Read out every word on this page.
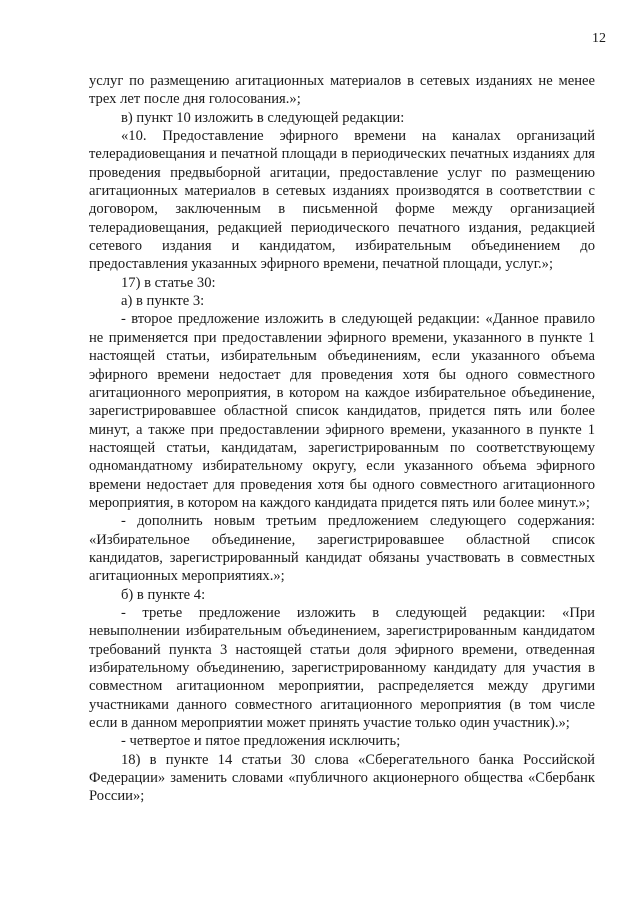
12

услуг по размещению агитационных материалов в сетевых изданиях не менее трех лет после дня голосования.»;

в) пункт 10 изложить в следующей редакции:

«10. Предоставление эфирного времени на каналах организаций телерадиовещания и печатной площади в периодических печатных изданиях для проведения предвыборной агитации, предоставление услуг по размещению агитационных материалов в сетевых изданиях производятся в соответствии с договором, заключенным в письменной форме между организацией телерадиовещания, редакцией периодического печатного издания, редакцией сетевого издания и кандидатом, избирательным объединением до предоставления указанных эфирного времени, печатной площади, услуг.»;

17) в статье 30:

а) в пункте 3:

- второе предложение изложить в следующей редакции: «Данное правило не применяется при предоставлении эфирного времени, указанного в пункте 1 настоящей статьи, избирательным объединениям, если указанного объема эфирного времени недостает для проведения хотя бы одного совместного агитационного мероприятия, в котором на каждое избирательное объединение, зарегистрировавшее областной список кандидатов, придется пять или более минут, а также при предоставлении эфирного времени, указанного в пункте 1 настоящей статьи, кандидатам, зарегистрированным по соответствующему одномандатному избирательному округу, если указанного объема эфирного времени недостает для проведения хотя бы одного совместного агитационного мероприятия, в котором на каждого кандидата придется пять или более минут.»;

- дополнить новым третьим предложением следующего содержания: «Избирательное объединение, зарегистрировавшее областной список кандидатов, зарегистрированный кандидат обязаны участвовать в совместных агитационных мероприятиях.»;

б) в пункте 4:

- третье предложение изложить в следующей редакции: «При невыполнении избирательным объединением, зарегистрированным кандидатом требований пункта 3 настоящей статьи доля эфирного времени, отведенная избирательному объединению, зарегистрированному кандидату для участия в совместном агитационном мероприятии, распределяется между другими участниками данного совместного агитационного мероприятия (в том числе если в данном мероприятии может принять участие только один участник).»;

- четвертое и пятое предложения исключить;

18) в пункте 14 статьи 30 слова «Сберегательного банка Российской Федерации» заменить словами «публичного акционерного общества «Сбербанк России»;
